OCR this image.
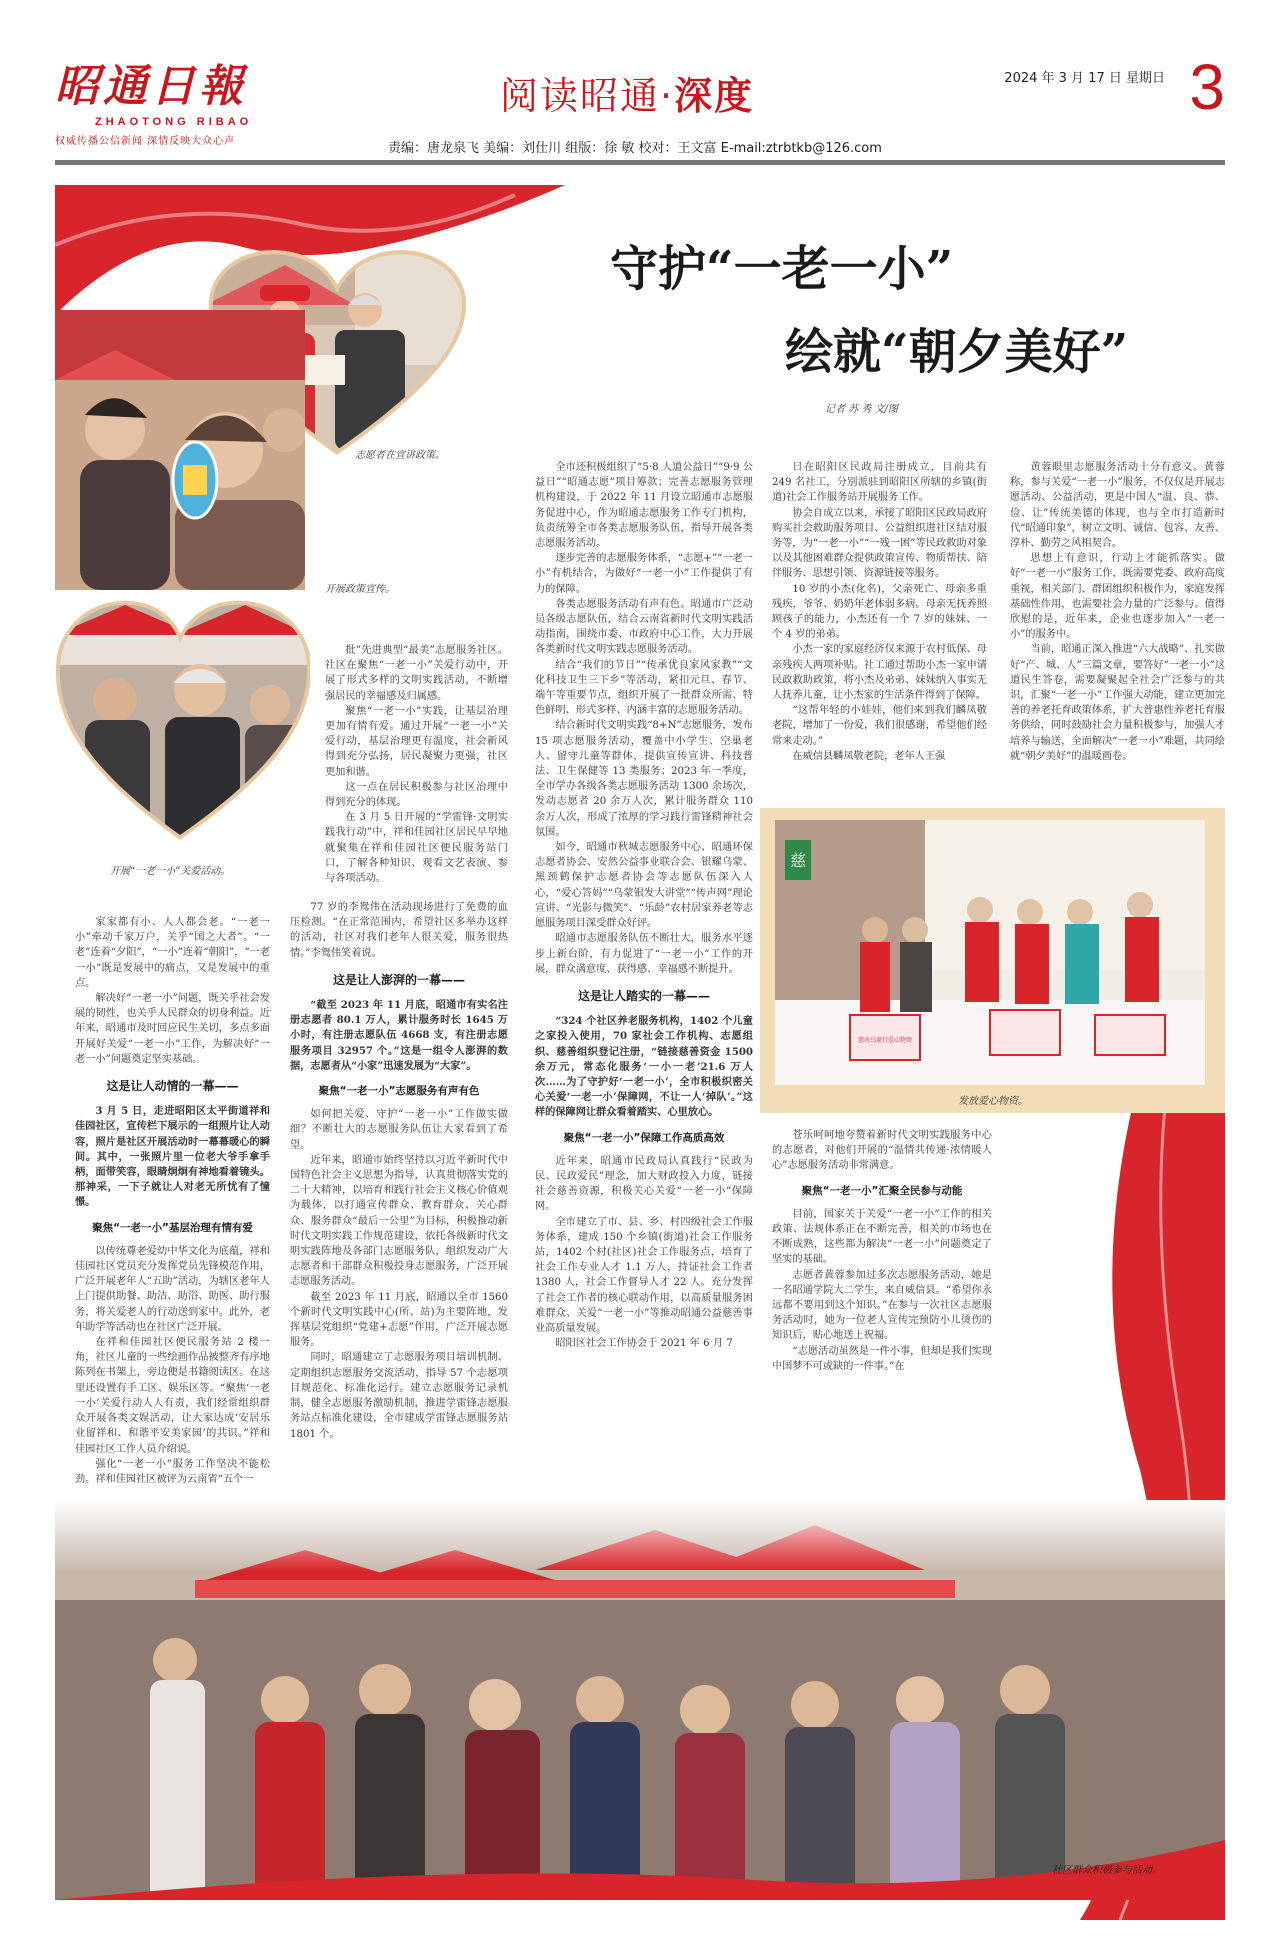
昭通日報
ZHAOTONG RIBAO
权威传播公信新闻 深情反映大众心声
阅读昭通·深度	2024 年 3 月 17 日 星期日 3
责编：唐龙泉飞 美编：刘仕川 组版：徐 敏 校对：王文富 E-mail:ztrbtkb@126.com
志愿者在宣讲政策。
开展政策宣传。
开展“一老一小”关爱活动。
守护“一老一小”
绘就“朝夕美好”
记者 苏 秀 文/图

家家都有小、人人都会老。“一老一小”牵动千家万户，关乎“国之大者”。“一老”连着“夕阳”，“一小”连着“朝阳”，“一老一小”既是发展中的痛点，又是发展中的重点。

解决好“一老一小”问题，既关乎社会发展的韧性，也关乎人民群众的切身利益。近年来，昭通市及时回应民生关切，多点多面开展好关爱“一老一小”工作，为解决好“一老一小”问题奠定坚实基础。

这是让人动情的一幕——

3 月 5 日，走进昭阳区太平街道祥和佳园社区，宣传栏下展示的一组照片让人动容，照片是社区开展活动时一幕幕暖心的瞬间。其中，一张照片里一位老大爷手拿手柄，面带笑容，眼睛炯炯有神地看着镜头。那神采，一下子就让人对老无所忧有了憧憬。

聚焦“一老一小”基层治理有情有爱

以传统尊老爱幼中华文化为底蕴，祥和佳园社区党员充分发挥党员先锋模范作用，广泛开展老年人“五助”活动，为辖区老年人上门提供助餐、助洁、助浴、助医、助行服务，将关爱老人的行动送到家中。此外，老年助学等活动也在社区广泛开展。

在祥和佳园社区便民服务站 2 楼一角，社区儿童的一些绘画作品被整齐有序地陈列在书架上，旁边便是书籍阅读区。在这里还设置有手工区、娱乐区等。“聚焦‘一老一小’关爱行动人人有责，我们经常组织群众开展各类文娱活动，让大家达成‘安居乐业留祥和、和谐平安美家园’的共识。”祥和佳园社区工作人员介绍说。

强化“一老一小”服务工作坚决不能松劲。祥和佳园社区被评为云南省“五个一

批”先进典型“最美”志愿服务社区。社区在聚焦“一老一小”关爱行动中，开展了形式多样的文明实践活动，不断增强居民的幸福感及归属感。

聚焦“一老一小”实践，让基层治理更加有情有爱。通过开展“一老一小”关爱行动，基层治理更有温度，社会新风得到充分弘扬，居民凝聚力更强，社区更加和谐。

这一点在居民积极参与社区治理中得到充分的体现。

在 3 月 5 日开展的“学雷锋·文明实践我行动”中，祥和佳园社区居民早早地就聚集在祥和佳园社区便民服务站门口，了解各种知识、观看文艺表演、参与各项活动。

77 岁的李鸳伟在活动现场进行了免费的血压检测。“在正常范围内，希望社区多举办这样的活动，社区对我们老年人很关爱，服务很热情。”李鸳伟笑着说。

这是让人澎湃的一幕——

“截至 2023 年 11 月底，昭通市有实名注册志愿者 80.1 万人，累计服务时长 1645 万小时，有注册志愿队伍 4668 支，有注册志愿服务项目 32957 个。”这是一组令人澎湃的数据，志愿者从“小家”迅速发展为“大家”。

聚焦“一老一小”志愿服务有声有色

如何把关爱、守护“一老一小”工作做实做细？不断壮大的志愿服务队伍让大家看到了希望。

近年来，昭通市始终坚持以习近平新时代中国特色社会主义思想为指导，认真贯彻落实党的二十大精神，以培育和践行社会主义核心价值观为载体，以打通宣传群众、教育群众、关心群众、服务群众“最后一公里”为目标，积极推动新时代文明实践工作规范建设，依托各级新时代文明实践阵地及各部门志愿服务队，组织发动广大志愿者和干部群众积极投身志愿服务，广泛开展志愿服务活动。

截至 2023 年 11 月底，昭通以全市 1560 个新时代文明实践中心(所、站)为主要阵地，发挥基层党组织“党建+志愿”作用，广泛开展志愿服务。

同时，昭通建立了志愿服务项目培训机制、定期组织志愿服务交流活动，指导 57 个志愿项目规范化、标准化运行。建立志愿服务记录机制，健全志愿服务激励机制，推进学雷锋志愿服务站点标准化建设，全市建成学雷锋志愿服务站 1801 个。

全市还积极组织了“5·8 人道公益日”“9·9 公益日”“昭通志愿”项目筹款；完善志愿服务管理机构建设，于 2022 年 11 月设立昭通市志愿服务促进中心，作为昭通志愿服务工作专门机构，负责统筹全市各类志愿服务队伍，指导开展各类志愿服务活动。

逐步完善的志愿服务体系，“志愿+”“一老一小”有机结合，为做好“一老一小”工作提供了有力的保障。

各类志愿服务活动有声有色。昭通市广泛动员各级志愿队伍，结合云南省新时代文明实践活动指南，围绕市委、市政府中心工作，大力开展各类新时代文明实践志愿服务活动。

结合“我们的节日”“传承优良家风家教”“文化科技卫生三下乡”等活动，紧扣元旦、春节、端午等重要节点，组织开展了一批群众所需、特色鲜明、形式多样、内涵丰富的志愿服务活动。

结合新时代文明实践“8+N”志愿服务，发布 15 项志愿服务活动，覆盖中小学生、空巢老人、留守儿童等群体，提供宣传宣讲、科技普法、卫生保健等 13 类服务；2023 年一季度，全市学办各级各类志愿服务活动 1300 余场次，发动志愿者 20 余万人次，累计服务群众 110 余万人次，形成了浓厚的学习践行雷锋精神社会氛围。

如今，昭通市秋城志愿服务中心、昭通环保志愿者协会、安然公益事业联合会、银耀乌蒙、黑颈鹤保护志愿者协会等志愿队伍深入人心，“爱心答妈”“乌蒙银发大讲堂”“传声网”理论宣讲、“光影与微笑”、“乐龄”农村居家养老等志愿服务项目深受群众好评。

昭通市志愿服务队伍不断壮大，服务水平逐步上新台阶，有力促进了“一老一小”工作的开展，群众满意度、获得感、幸福感不断提升。

这是让人踏实的一幕——

“324 个社区养老服务机构，1402 个儿童之家投入使用，70 家社会工作机构、志愿组织、慈善组织登记注册，“链接慈善资金 1500 余万元，常态化服务‘一小一老’21.6 万人次……为了守护好‘一老一小’，全市积极织密关心关爱‘一老一小’保障网，不让一人‘掉队’。”这样的保障网让群众看着踏实、心里放心。

聚焦“一老一小”保障工作高质高效

近年来，昭通市民政局认真践行“民政为民、民政爱民”理念，加大财政投入力度，链接社会慈善资源，积极关心关爱“一老一小”保障网。

全市建立了市、县、乡、村四级社会工作服务体系，建成 150 个乡镇(街道)社会工作服务站，1402 个村(社区)社会工作服务点，培育了社会工作专业人才 1.1 万人，持证社会工作者 1380 人，社会工作督导人才 22 人。充分发挥了社会工作者的核心联动作用，以高质量服务困难群众、关爱“一老一小”等推动昭通公益慈善事业高质量发展。

昭阳区社会工作协会于 2021 年 6 月 7

日在昭阳区民政局注册成立，目前共有 249 名社工，分别派驻到昭阳区所辖的乡镇(街道)社会工作服务站开展服务工作。

协会自成立以来，承接了昭阳区民政局政府购买社会救助服务项目、公益组织进社区结对服务等，为“一老一小”“一残一困”等民政救助对象以及其他困难群众提供政策宣传、物质帮扶、陪伴服务、思想引领、资源链接等服务。

10 岁的小杰(化名)，父亲死亡、母亲多重残疾，爷爷、奶奶年老体弱多病。母亲无抚养照顾孩子的能力，小杰还有一个 7 岁的妹妹、一个 4 岁的弟弟。

小杰一家的家庭经济仅来源于农村低保、母亲残疾人两项补贴。社工通过帮助小杰一家申请民政救助政策，将小杰及弟弟、妹妹纳入事实无人抚养儿童，让小杰家的生活条件得到了保障。

“这帮年轻的小娃娃，他们来到我们麟凤敬老院，增加了一份爱，我们很感谢，希望他们经常来走动。”

在威信县麟凤敬老院，老年人王强

黄蓉眼里志愿服务活动十分有意义。黄蓉称，参与关爱“一老一小”服务，不仅仅是开展志愿活动、公益活动，更是中国人“温、良、恭、俭、让”传统美德的体现，也与全市打造新时代“昭通印象”，树立文明、诚信、包容、友善、淳朴、勤劳之风相契合。

思想上有意识，行动上才能抓落实。做好“一老一小”服务工作，既需要党委、政府高度重视，相关部门、群团组织积极作为，家庭发挥基础性作用，也需要社会力量的广泛参与。值得欣慰的是，近年来，企业也逐步加入“一老一小”的服务中。

当前，昭通正深入推进“六大战略”、扎实做好“产、城、人”三篇文章，要答好“一老一小”这道民生答卷，需要凝聚起全社会广泛参与的共识，汇聚“一老一小”工作强大动能，建立更加完善的养老托育政策体系，扩大普惠性养老托育服务供给，同时鼓励社会力量积极参与，加强人才培养与输送，全面解决“一老一小”难题，共同绘就“朝夕美好”的温暖画卷。

慈
慈善乌蒙行爱心物资
发放爱心物资。

苍乐呵呵地夸赞着新时代文明实践服务中心的志愿者，对他们开展的“温情共传递·浓情暖人心”志愿服务活动非常满意。

聚焦“一老一小”汇聚全民参与动能

目前，国家关于关爱“一老一小”工作的相关政策、法规体系正在不断完善，相关的市场也在不断成熟，这些都为解决“一老一小”问题奠定了坚实的基础。

志愿者黄蓉参加过多次志愿服务活动，她是一名昭通学院大二学生，来自威信县。“希望你永远都不要用到这个知识。”在参与一次社区志愿服务活动时，她为一位老人宣传完预防小儿烫伤的知识后，贴心地送上祝福。

“志愿活动虽然是一件小事，但却是我们实现中国梦不可或缺的一件事。”在

社区群众积极参与活动。
